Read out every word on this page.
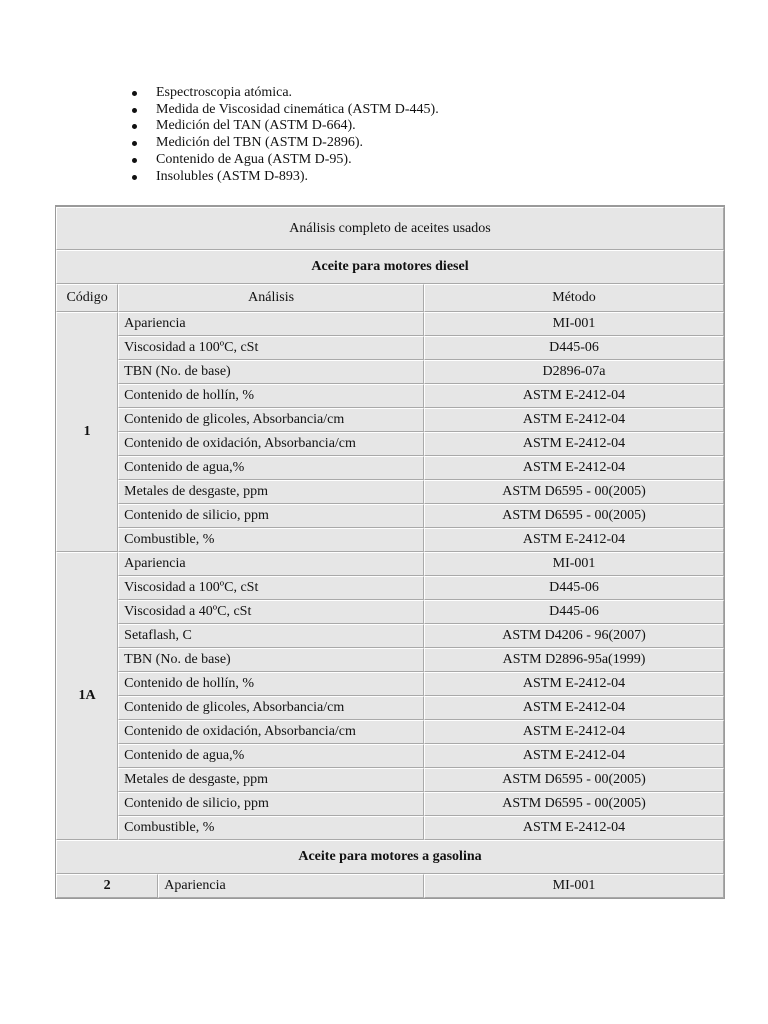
Espectroscopia atómica.
Medida de Viscosidad cinemática (ASTM D-445).
Medición del TAN (ASTM D-664).
Medición del TBN (ASTM D-2896).
Contenido de Agua (ASTM D-95).
Insolubles (ASTM D-893).
Análisis completo de aceites usados		
Aceite para motores diesel		
Código	Análisis	Método
1	Apariencia	MI-001
	Viscosidad a 100ºC, cSt	D445-06
	TBN (No. de base)	D2896-07a
	Contenido de hollín, %	ASTM E-2412-04
	Contenido de glicoles, Absorbancia/cm	ASTM E-2412-04
	Contenido de oxidación, Absorbancia/cm	ASTM E-2412-04
	Contenido de agua,%	ASTM E-2412-04
	Metales de desgaste, ppm	ASTM D6595 - 00(2005)
	Contenido de silicio, ppm	ASTM D6595 - 00(2005)
	Combustible, %	ASTM E-2412-04
1A	Apariencia	MI-001
	Viscosidad a 100ºC, cSt	D445-06
	Viscosidad a 40ºC, cSt	D445-06
	Setaflash, C	ASTM D4206 - 96(2007)
	TBN (No. de base)	ASTM D2896-95a(1999)
	Contenido de hollín, %	ASTM E-2412-04
	Contenido de glicoles, Absorbancia/cm	ASTM E-2412-04
	Contenido de oxidación, Absorbancia/cm	ASTM E-2412-04
	Contenido de agua,%	ASTM E-2412-04
	Metales de desgaste, ppm	ASTM D6595 - 00(2005)
	Contenido de silicio, ppm	ASTM D6595 - 00(2005)
	Combustible, %	ASTM E-2412-04
Aceite para motores a gasolina		
2	Apariencia	MI-001
